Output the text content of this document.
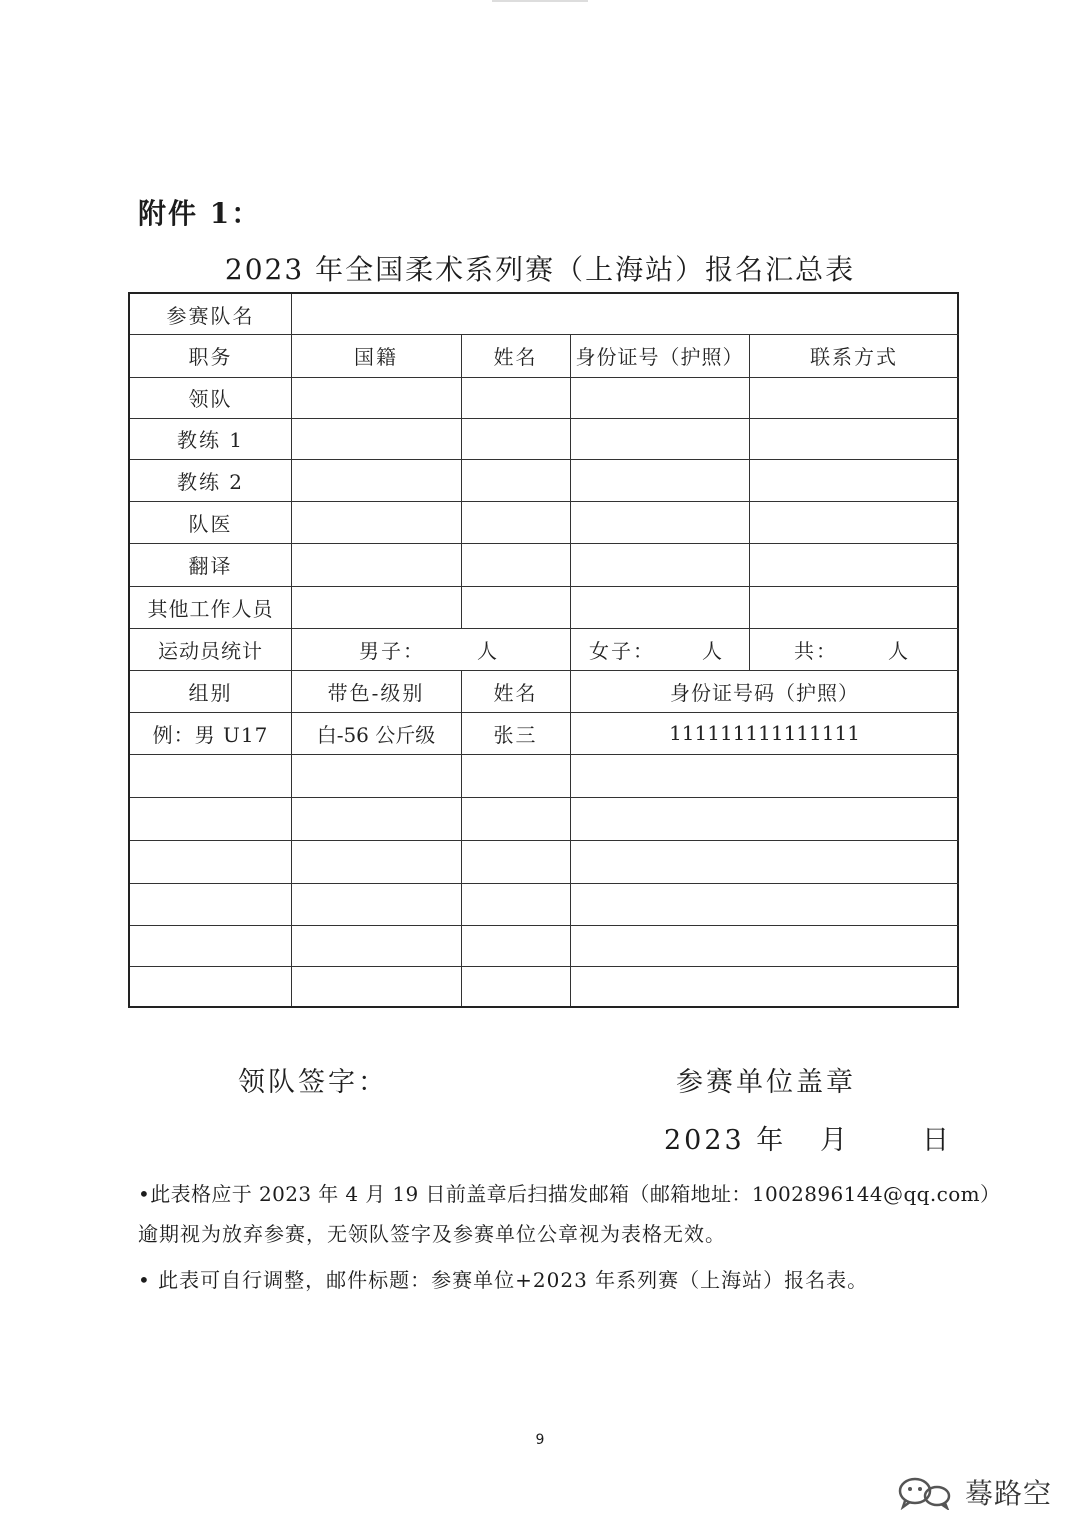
附件 1：
2023 年全国柔术系列赛（上海站）报名汇总表
参赛队名
职务	国籍	姓名	身份证号（护照）	联系方式
领队
教练 1
教练 2
队医
翻译
其他工作人员
运动员统计	男子：	人	女子： 人	共：	人
组别	带色-级别	姓名	身份证号码（护照）
例：男 U17	白-56 公斤级	张三	111111111111111
领队签字：	参赛单位盖章
2023 年 月	日
•此表格应于 2023 年 4 月 19 日前盖章后扫描发邮箱（邮箱地址：1002896144@qq.com）
逾期视为放弃参赛，无领队签字及参赛单位公章视为表格无效。
• 此表可自行调整，邮件标题：参赛单位+2023 年系列赛（上海站）报名表。
9
蓦路空
